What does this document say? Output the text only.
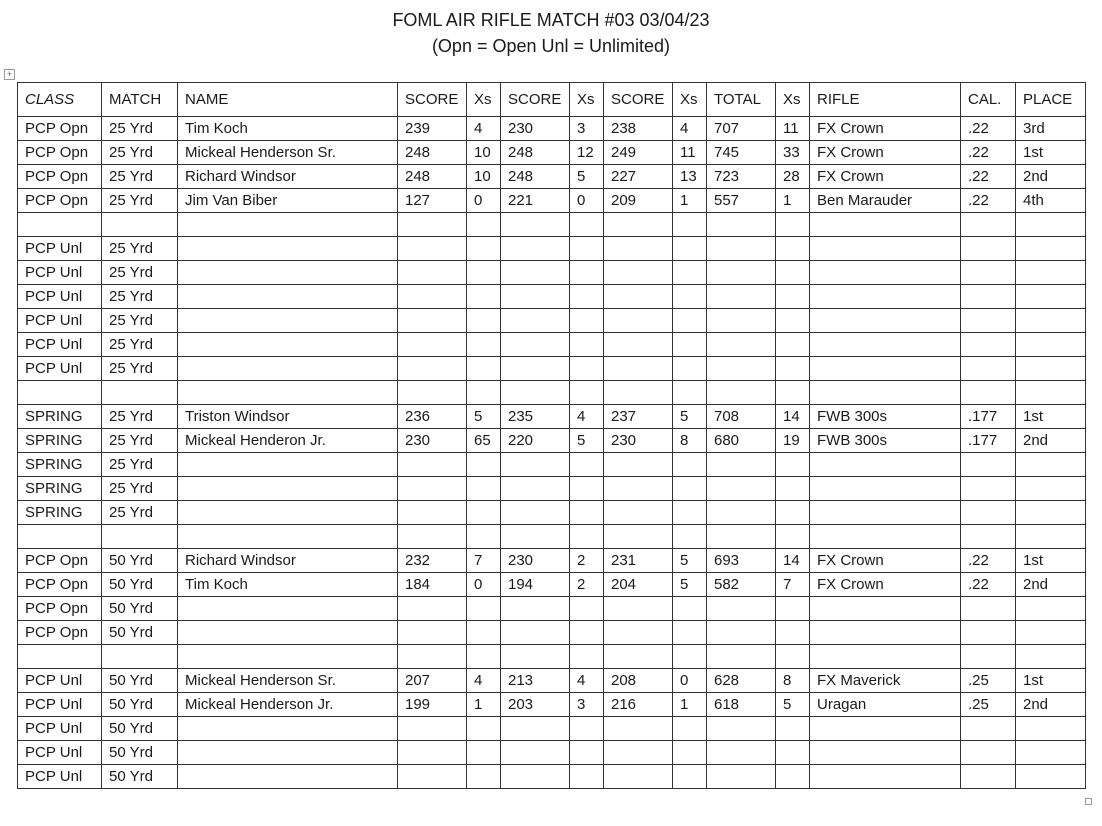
FOML AIR RIFLE MATCH #03 03/04/23
(Opn = Open Unl = Unlimited)
+
CLASS	MATCH	NAME	SCORE	Xs	SCORE	Xs	SCORE	Xs	TOTAL	Xs	RIFLE	CAL.	PLACE
PCP Opn	25 Yrd	Tim Koch	239	4	230	3	238	4	707	11	FX Crown	.22	3rd
PCP Opn	25 Yrd	Mickeal Henderson Sr.	248	10	248	12	249	11	745	33	FX Crown	.22	1st
PCP Opn	25 Yrd	Richard Windsor	248	10	248	5	227	13	723	28	FX Crown	.22	2nd
PCP Opn	25 Yrd	Jim Van Biber	127	0	221	0	209	1	557	1	Ben Marauder	.22	4th

PCP Unl	25 Yrd												
PCP Unl	25 Yrd												
PCP Unl	25 Yrd												
PCP Unl	25 Yrd												
PCP Unl	25 Yrd												
PCP Unl	25 Yrd												

SPRING	25 Yrd	Triston Windsor	236	5	235	4	237	5	708	14	FWB 300s	.177	1st
SPRING	25 Yrd	Mickeal Henderon Jr.	230	65	220	5	230	8	680	19	FWB 300s	.177	2nd
SPRING	25 Yrd												
SPRING	25 Yrd												
SPRING	25 Yrd												

PCP Opn	50 Yrd	Richard Windsor	232	7	230	2	231	5	693	14	FX Crown	.22	1st
PCP Opn	50 Yrd	Tim Koch	184	0	194	2	204	5	582	7	FX Crown	.22	2nd
PCP Opn	50 Yrd												
PCP Opn	50 Yrd												

PCP Unl	50 Yrd	Mickeal Henderson Sr.	207	4	213	4	208	0	628	8	FX Maverick	.25	1st
PCP Unl	50 Yrd	Mickeal Henderson Jr.	199	1	203	3	216	1	618	5	Uragan	.25	2nd
PCP Unl	50 Yrd												
PCP Unl	50 Yrd												
PCP Unl	50 Yrd												
